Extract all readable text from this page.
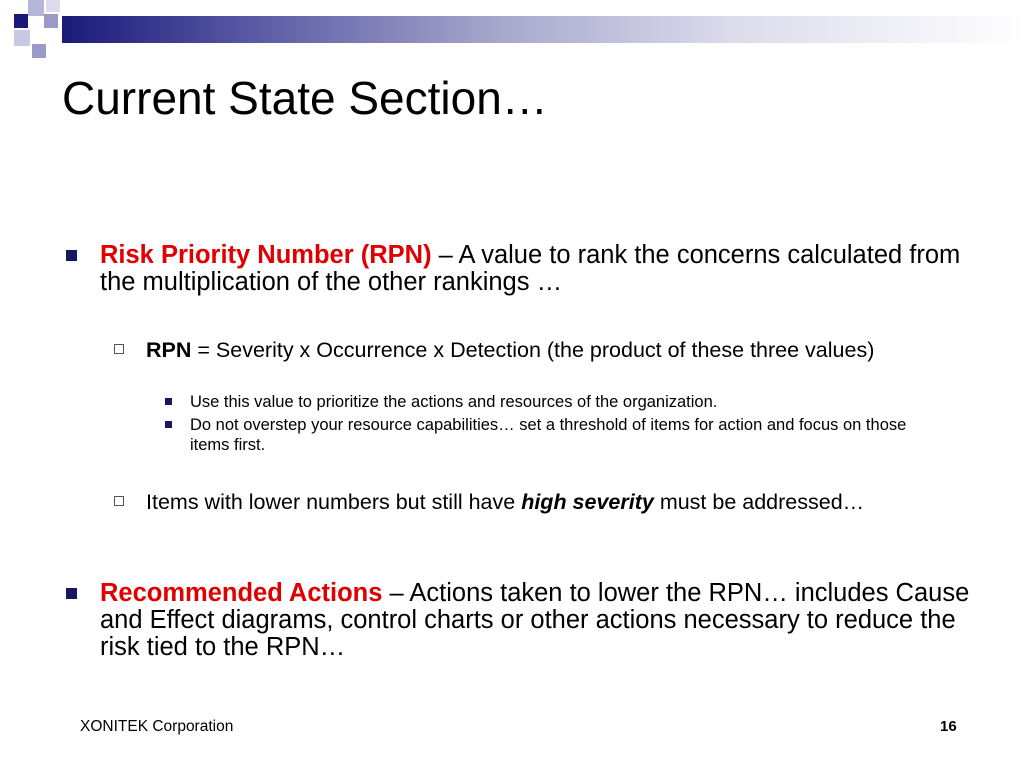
Current State Section…
Risk Priority Number (RPN) – A value to rank the concerns calculated from the multiplication of the other rankings …
RPN = Severity x Occurrence x Detection (the product of these three values)
Use this value to prioritize the actions and resources of the organization.
Do not overstep your resource capabilities… set a threshold of items for action and focus on those items first.
Items with lower numbers but still have high severity must be addressed…
Recommended Actions – Actions taken to lower the RPN… includes Cause and Effect diagrams, control charts or other actions necessary to reduce the risk tied to the RPN…
XONITEK Corporation	16
